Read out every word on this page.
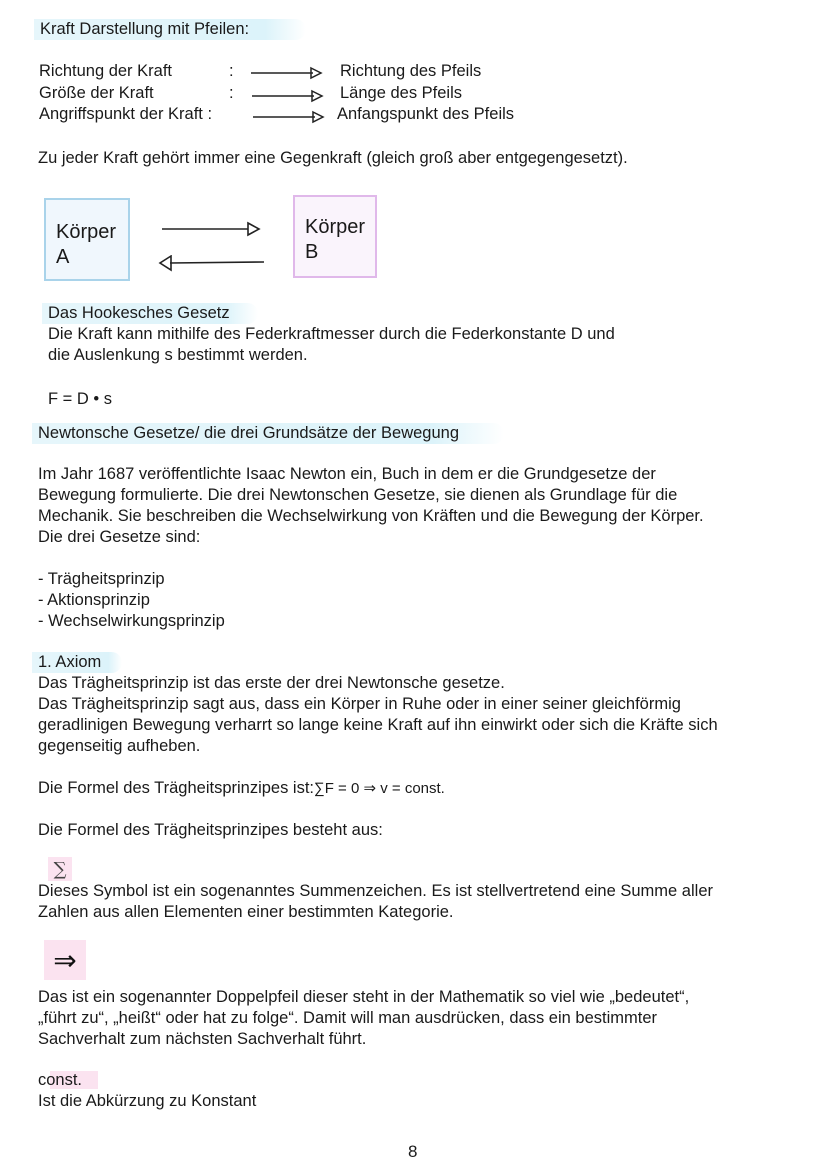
Kraft Darstellung mit Pfeilen:
Richtung der Kraft	:	Richtung des Pfeils
Größe der Kraft	:	Länge des Pfeils
Angriffspunkt der Kraft :	Anfangspunkt des Pfeils
Zu jeder Kraft gehört immer eine Gegenkraft (gleich groß aber entgegengesetzt).
Körper
A
Körper
B
Das Hookesches Gesetz
Die Kraft kann mithilfe des Federkraftmesser durch die Federkonstante D und
die Auslenkung s bestimmt werden.
F = D • s
Newtonsche Gesetze/ die drei Grundsätze der Bewegung
Im Jahr 1687 veröffentlichte Isaac Newton ein, Buch in dem er die Grundgesetze der
Bewegung formulierte. Die drei Newtonschen Gesetze, sie dienen als Grundlage für die
Mechanik. Sie beschreiben die Wechselwirkung von Kräften und die Bewegung der Körper.
Die drei Gesetze sind:
- Trägheitsprinzip
- Aktionsprinzip
- Wechselwirkungsprinzip
1. Axiom
Das Trägheitsprinzip ist das erste der drei Newtonsche gesetze.
Das Trägheitsprinzip sagt aus, dass ein Körper in Ruhe oder in einer seiner gleichförmig
geradlinigen Bewegung verharrt so lange keine Kraft auf ihn einwirkt oder sich die Kräfte sich
gegenseitig aufheben.
Die Formel des Trägheitsprinzipes ist:∑F = 0 ⇒ v = const.
Die Formel des Trägheitsprinzipes besteht aus:
∑
Dieses Symbol ist ein sogenanntes Summenzeichen. Es ist stellvertretend eine Summe aller
Zahlen aus allen Elementen einer bestimmten Kategorie.
⇒
Das ist ein sogenannter Doppelpfeil dieser steht in der Mathematik so viel wie „bedeutet“,
„führt zu“, „heißt“ oder hat zu folge“. Damit will man ausdrücken, dass ein bestimmter
Sachverhalt zum nächsten Sachverhalt führt.
const.
Ist die Abkürzung zu Konstant
8
